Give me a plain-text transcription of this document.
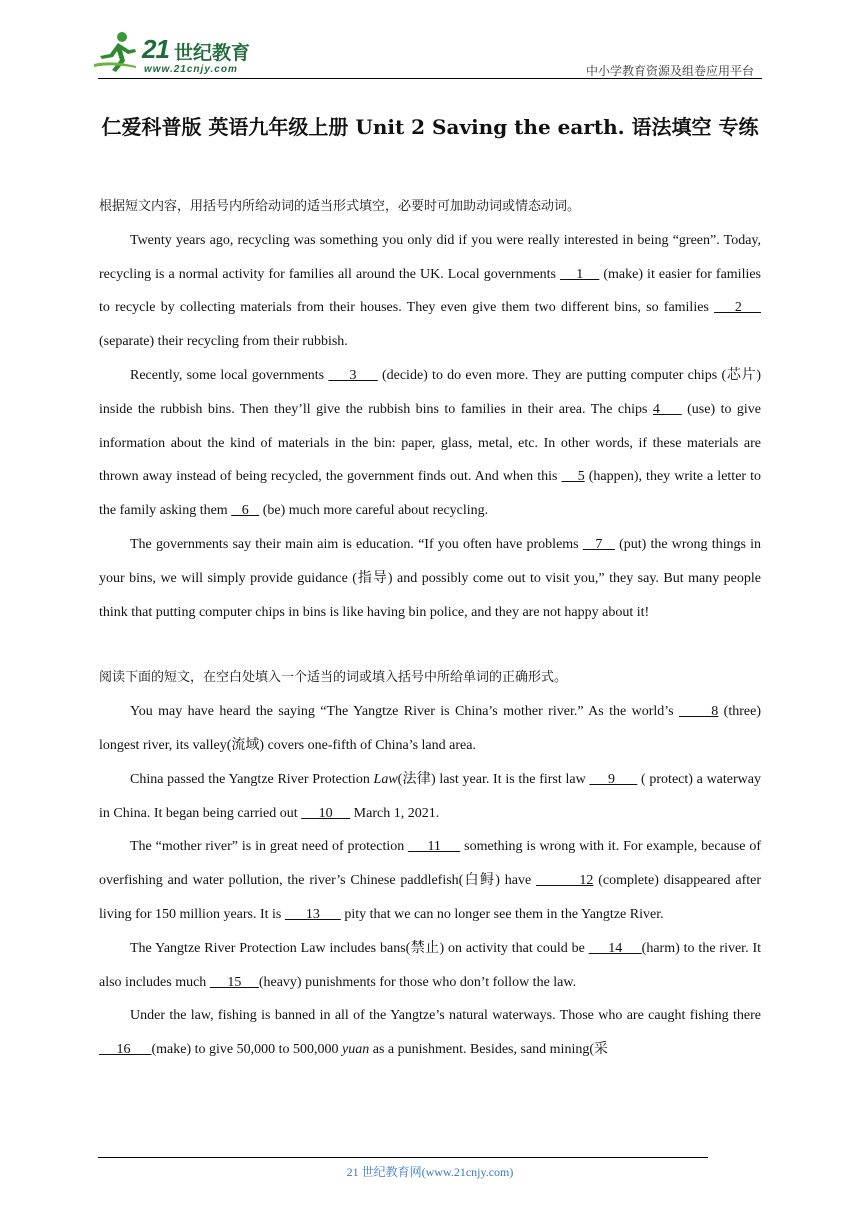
21 世纪教育
www.21cnjy.com	中小学教育资源及组卷应用平台
仁爱科普版 英语九年级上册 Unit 2 Saving the earth. 语法填空 专练

根据短文内容，用括号内所给动词的适当形式填空，必要时可加助动词或情态动词。

Twenty years ago, recycling was something you only did if you were really interested in being “green”. Today, recycling is a normal activity for families all around the UK. Local governments     1     (make) it easier for families to recycle by collecting materials from their houses. They even give them two different bins, so families     2     (separate) their recycling from their rubbish.

Recently, some local governments      3      (decide) to do even more. They are putting computer chips (芯片) inside the rubbish bins. Then they’ll give the rubbish bins to families in their area. The chips 4     (use) to give information about the kind of materials in the bin: paper, glass, metal, etc. In other words, if these materials are thrown away instead of being recycled, the government finds out. And when this     5 (happen), they write a letter to the family asking them    6    (be) much more careful about recycling.

The governments say their main aim is education. “If you often have problems    7    (put) the wrong things in your bins, we will simply provide guidance (指导) and possibly come out to visit you,” they say. But many people think that putting computer chips in bins is like having bin police, and they are not happy about it!

阅读下面的短文，在空白处填入一个适当的词或填入括号中所给单词的正确形式。

You may have heard the saying “The Yangtze River is China’s mother river.” As the world’s       8 (three) longest river, its valley(流域) covers one-fifth of China’s land area.

China passed the Yangtze River Protection Law(法律) last year. It is the first law      9       ( protect) a waterway in China. It began being carried out      10      March 1, 2021.

The “mother river” is in great need of protection      11      something is wrong with it. For example, because of overfishing and water pollution, the river’s Chinese paddlefish(白鲟) have          12 (complete) disappeared after living for 150 million years. It is       13       pity that we can no longer see them in the Yangtze River.

The Yangtze River Protection Law includes bans(禁止) on activity that could be      14     (harm) to the river. It also includes much      15     (heavy) punishments for those who don’t follow the law.

Under the law, fishing is banned in all of the Yangtze’s natural waterways. Those who are caught fishing there      16      (make) to give 50,000 to 500,000 yuan as a punishment. Besides, sand mining(采

21 世纪教育网(www.21cnjy.com)
